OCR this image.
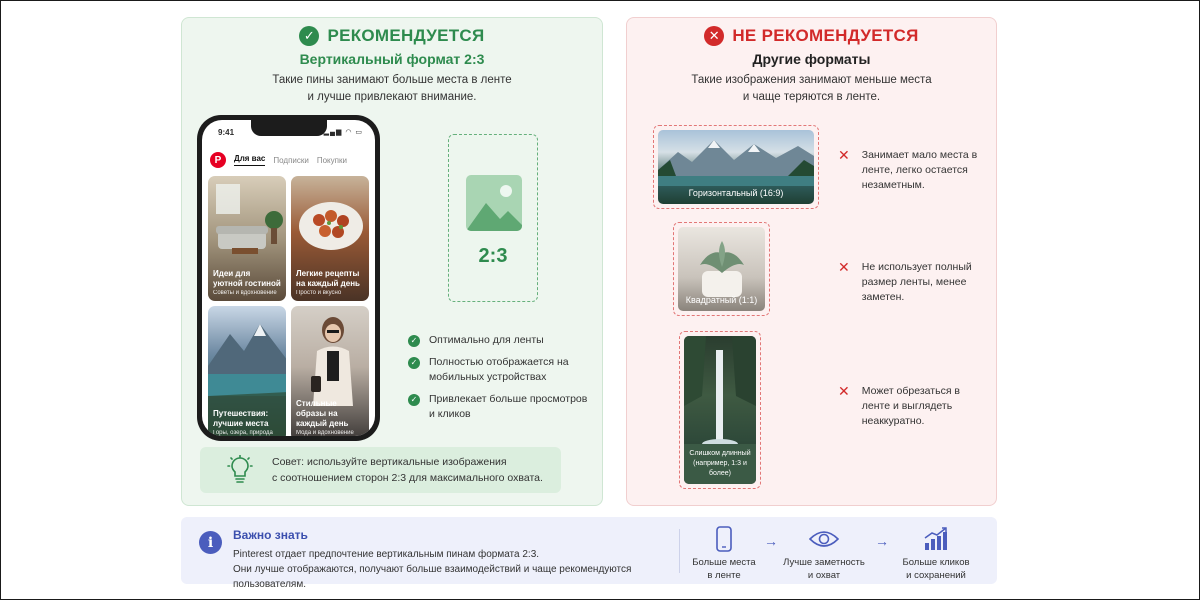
✓ РЕКОМЕНДУЕТСЯ
Вертикальный формат 2:3
Такие пины занимают больше места в ленте
и лучше привлекают внимание.
9:41	▂▄▆ ◠ ▭
P	Для вас Подписки Покупки
Идеи для уютной гостиной
Советы и вдохновение
Легкие рецепты на каждый день
Просто и вкусно
Путешествия: лучшие места
Горы, озера, природа
Стильные образы на каждый день
Мода и вдохновение
2:3
✓ Оптимально для ленты
✓ Полностью отображается на мобильных устройствах
✓ Привлекает больше просмотров и кликов
Совет: используйте вертикальные изображения
с соотношением сторон 2:3 для максимального охвата.
✕ НЕ РЕКОМЕНДУЕТСЯ
Другие форматы
Такие изображения занимают меньше места
и чаще теряются в ленте.
Горизонтальный (16:9)
✕ Занимает мало места в ленте, легко остается незаметным.
Квадратный (1:1)
✕ Не использует полный размер ленты, менее заметен.
Слишком длинный
(например, 1:3 и более)
✕ Может обрезаться в ленте и выглядеть неаккуратно.
i	Важно знать
Pinterest отдает предпочтение вертикальным пинам формата 2:3.
Они лучше отображаются, получают больше взаимодействий и чаще рекомендуются пользователям.
Больше места
в ленте
→
Лучше заметность
и охват
→
Больше кликов
и сохранений
